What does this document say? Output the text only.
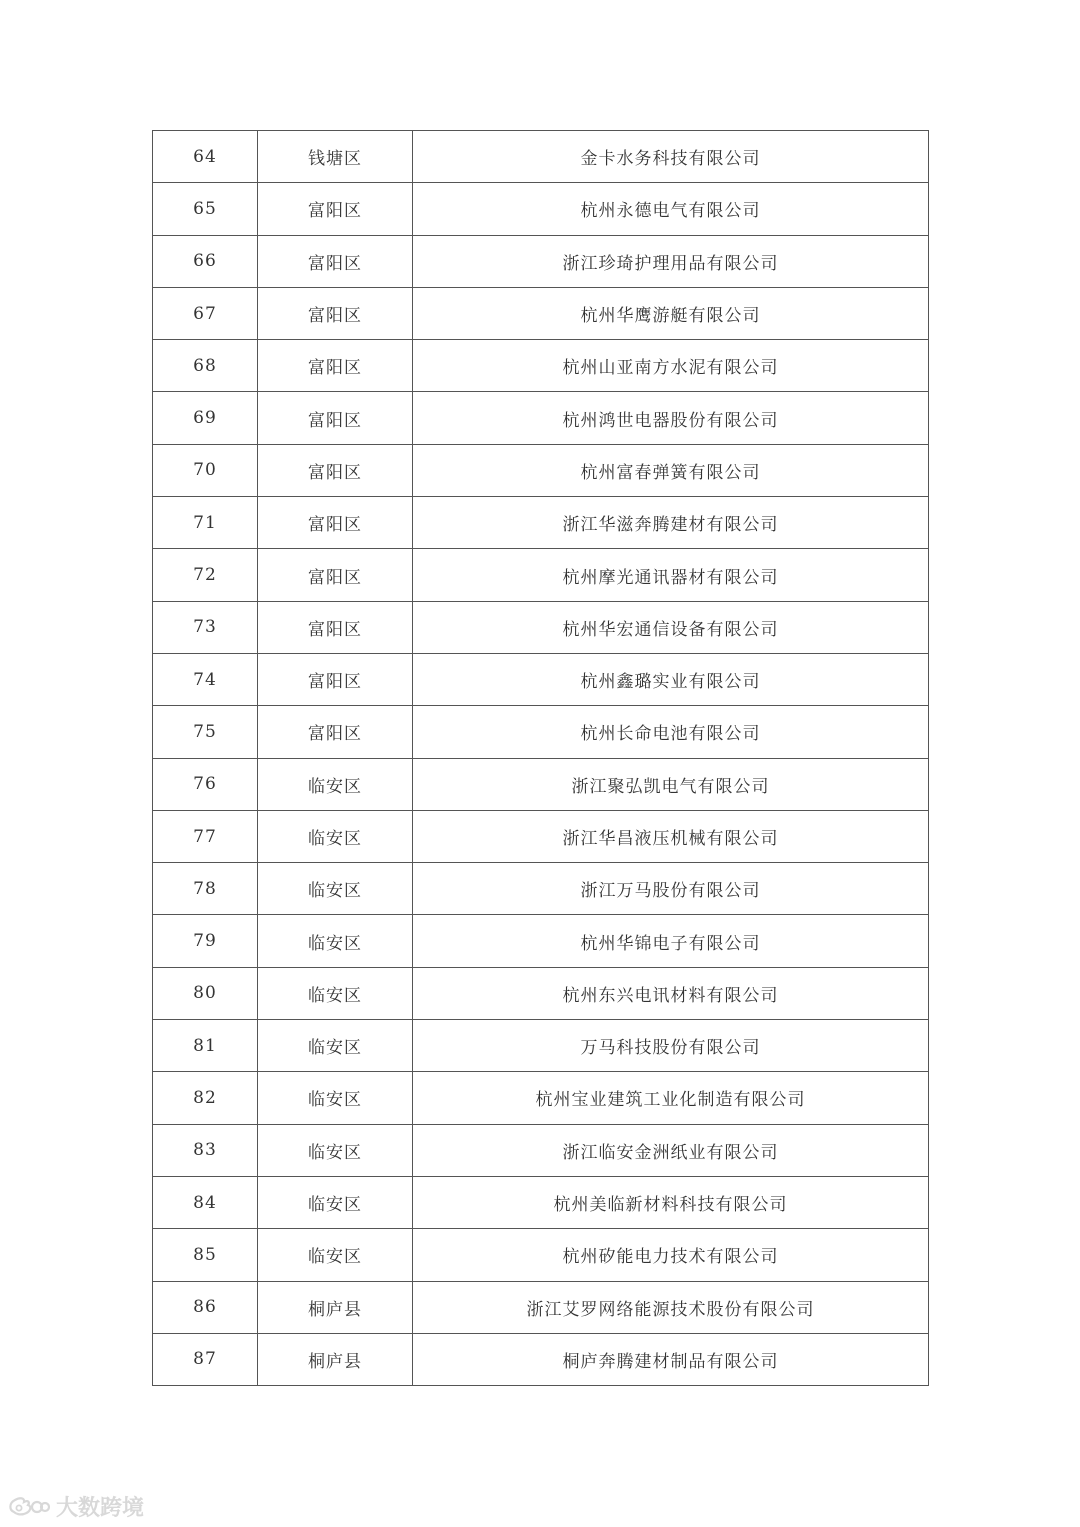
64	钱塘区	金卡水务科技有限公司
65	富阳区	杭州永德电气有限公司
66	富阳区	浙江珍琦护理用品有限公司
67	富阳区	杭州华鹰游艇有限公司
68	富阳区	杭州山亚南方水泥有限公司
69	富阳区	杭州鸿世电器股份有限公司
70	富阳区	杭州富春弹簧有限公司
71	富阳区	浙江华滋奔腾建材有限公司
72	富阳区	杭州摩光通讯器材有限公司
73	富阳区	杭州华宏通信设备有限公司
74	富阳区	杭州鑫璐实业有限公司
75	富阳区	杭州长命电池有限公司
76	临安区	浙江聚弘凯电气有限公司
77	临安区	浙江华昌液压机械有限公司
78	临安区	浙江万马股份有限公司
79	临安区	杭州华锦电子有限公司
80	临安区	杭州东兴电讯材料有限公司
81	临安区	万马科技股份有限公司
82	临安区	杭州宝业建筑工业化制造有限公司
83	临安区	浙江临安金洲纸业有限公司
84	临安区	杭州美临新材料科技有限公司
85	临安区	杭州矽能电力技术有限公司
86	桐庐县	浙江艾罗网络能源技术股份有限公司
87	桐庐县	桐庐奔腾建材制品有限公司
大数跨境
